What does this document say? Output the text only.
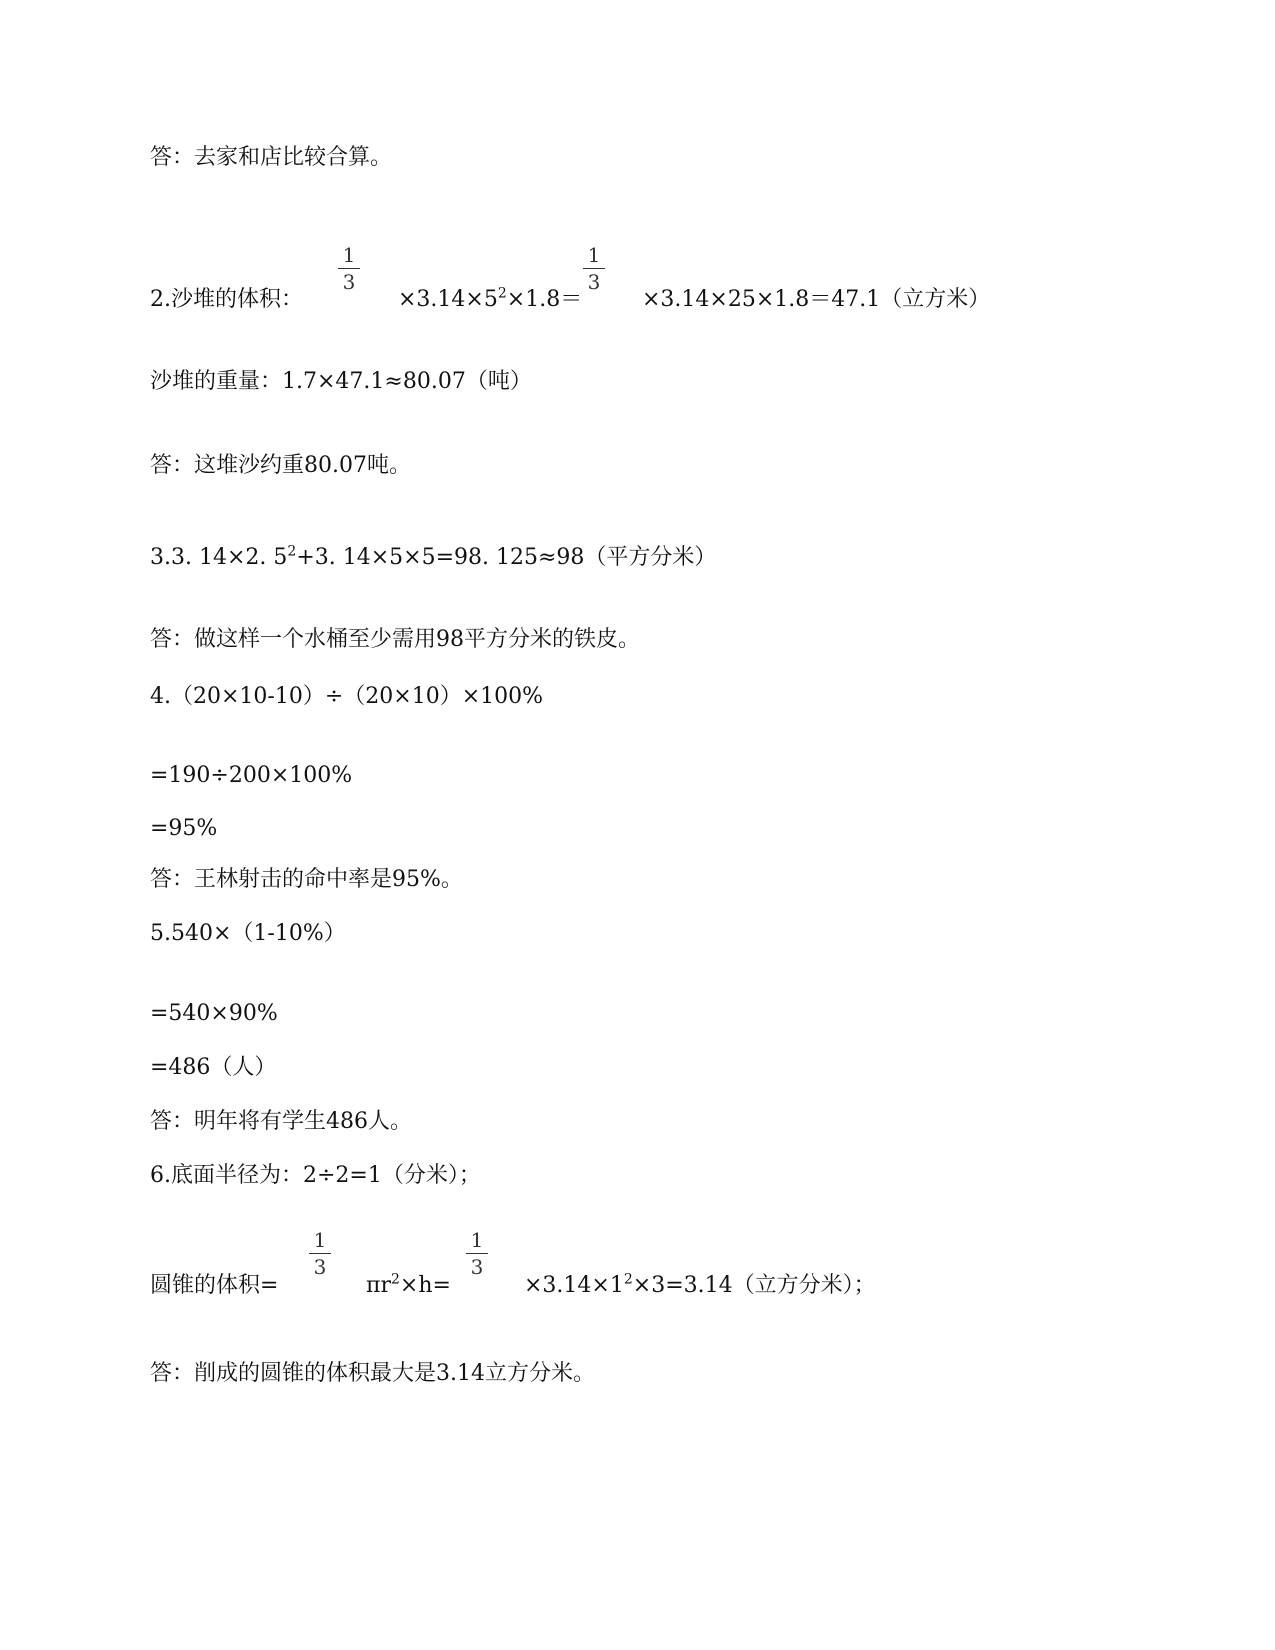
答：去家和店比较合算。
2.沙堆的体积：
1
3
$\times 3.14\times 5^2\times 1.8=$
1
3
×3.14×25×1.8＝47.1（立方米）
沙堆的重量：1.7×47.1≈80.07（吨）
答：这堆沙约重80.07吨。
3.3. 14×2. $5^2+3$. 14×5×5=98. 125≈98（平方分米）
答：做这样一个水桶至少需用98平方分米的铁皮。
4.（20×10-10）÷（20×10）×100%
=190÷200×100%
=95%
答：王林射击的命中率是95%。
5.540×（1-10%）
=540×90%
=486（人）
答：明年将有学生486人。
6.底面半径为：2÷2=1（分米）；
圆锥的体积=
1
3
$\pi r^2\times h=$
1
3
$\times 3.14\times 1^2\times 3=3.14$（立方分米）；
答：削成的圆锥的体积最大是3.14立方分米。
